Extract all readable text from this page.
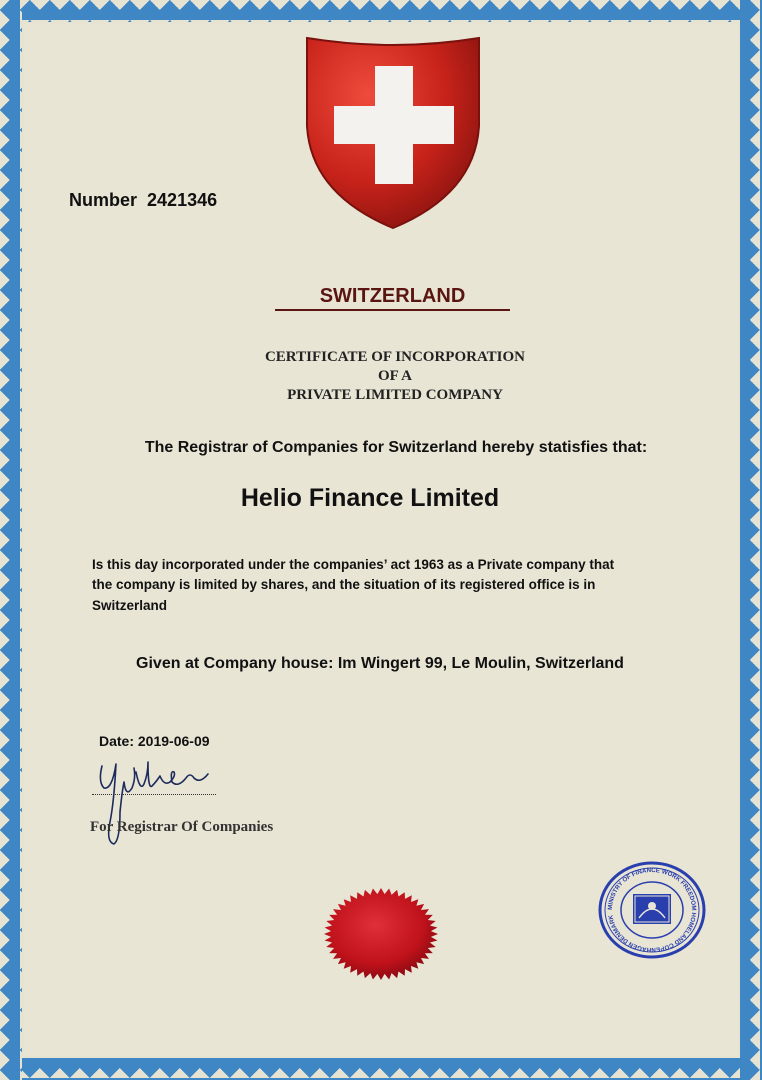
Number 2421346
SWITZERLAND
CERTIFICATE OF INCORPORATION
OF A
PRIVATE LIMITED COMPANY
The Registrar of Companies for Switzerland hereby statisfies that:
Helio Finance Limited
Is this day incorporated under the companies’ act 1963 as a Private company that
the company is limited by shares, and the situation of its registered office is in
Switzerland
Given at Company house: Im Wingert 99, Le Moulin, Switzerland
Date: 2019-06-09
For Registrar Of Companies
MINISTRY OF FINANCE WORK FREEDOM HOMELAND COPENHAGEN DENMARK
